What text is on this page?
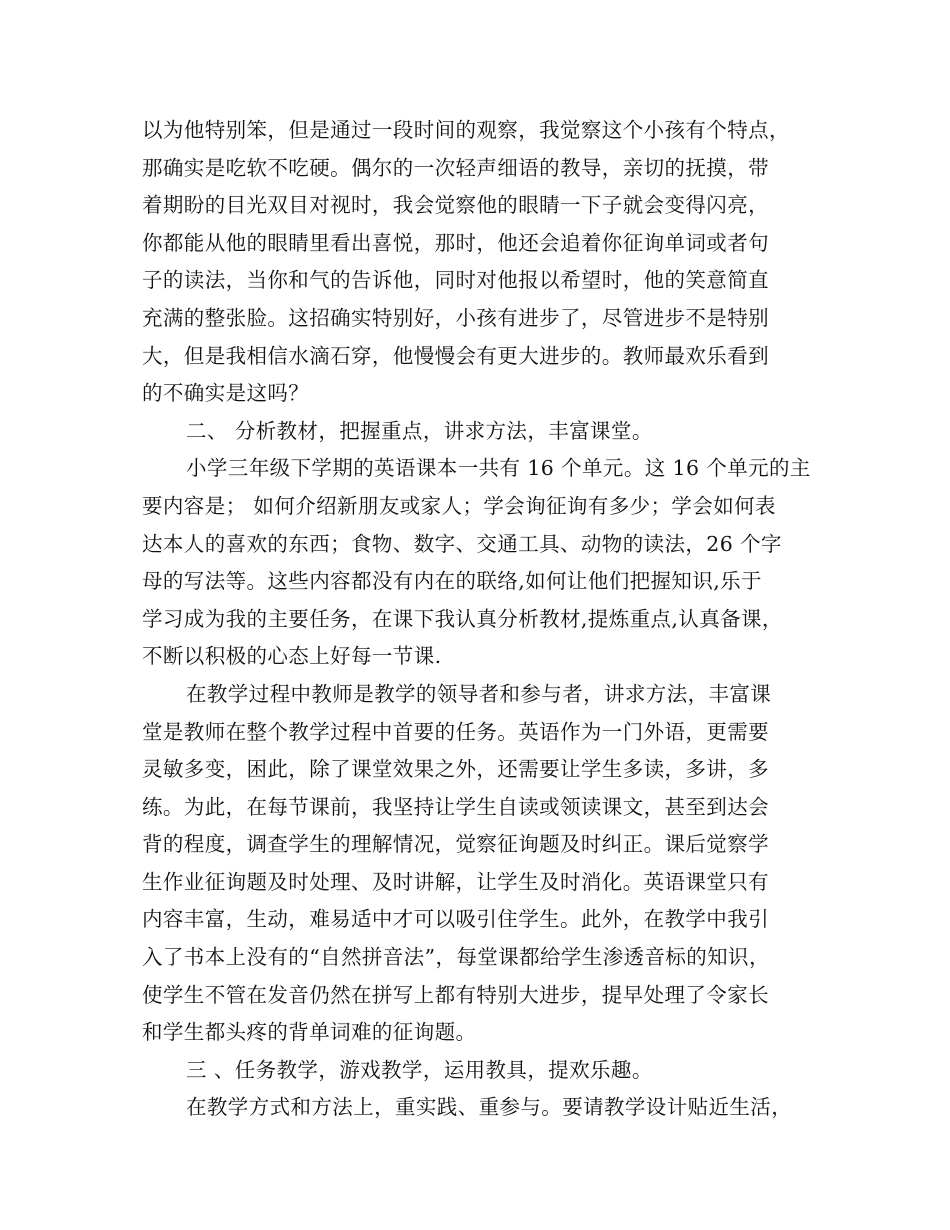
以为他特别笨，但是通过一段时间的观察，我觉察这个小孩有个特点，
那确实是吃软不吃硬。偶尔的一次轻声细语的教导，亲切的抚摸，带
着期盼的目光双目对视时，我会觉察他的眼睛一下子就会变得闪亮，
你都能从他的眼睛里看出喜悦，那时，他还会追着你征询单词或者句
子的读法，当你和气的告诉他，同时对他报以希望时，他的笑意简直
充满的整张脸。这招确实特别好，小孩有进步了，尽管进步不是特别
大，但是我相信水滴石穿，他慢慢会有更大进步的。教师最欢乐看到
的不确实是这吗？
二、 分析教材，把握重点，讲求方法，丰富课堂。
小学三年级下学期的英语课本一共有 16 个单元。这 16 个单元的主
要内容是； 如何介绍新朋友或家人；学会询征询有多少；学会如何表
达本人的喜欢的东西；食物、数字、交通工具、动物的读法，26 个字
母的写法等。这些内容都没有内在的联络,如何让他们把握知识,乐于
学习成为我的主要任务，在课下我认真分析教材,提炼重点,认真备课，
不断以积极的心态上好每一节课.
在教学过程中教师是教学的领导者和参与者，讲求方法，丰富课
堂是教师在整个教学过程中首要的任务。英语作为一门外语，更需要
灵敏多变，困此，除了课堂效果之外，还需要让学生多读，多讲，多
练。为此，在每节课前，我坚持让学生自读或领读课文，甚至到达会
背的程度，调查学生的理解情况，觉察征询题及时纠正。课后觉察学
生作业征询题及时处理、及时讲解，让学生及时消化。英语课堂只有
内容丰富，生动，难易适中才可以吸引住学生。此外，在教学中我引
入了书本上没有的“自然拼音法”，每堂课都给学生渗透音标的知识，
使学生不管在发音仍然在拼写上都有特别大进步，提早处理了令家长
和学生都头疼的背单词难的征询题。
三 、任务教学，游戏教学，运用教具，提欢乐趣。
在教学方式和方法上，重实践、重参与。要请教学设计贴近生活，
